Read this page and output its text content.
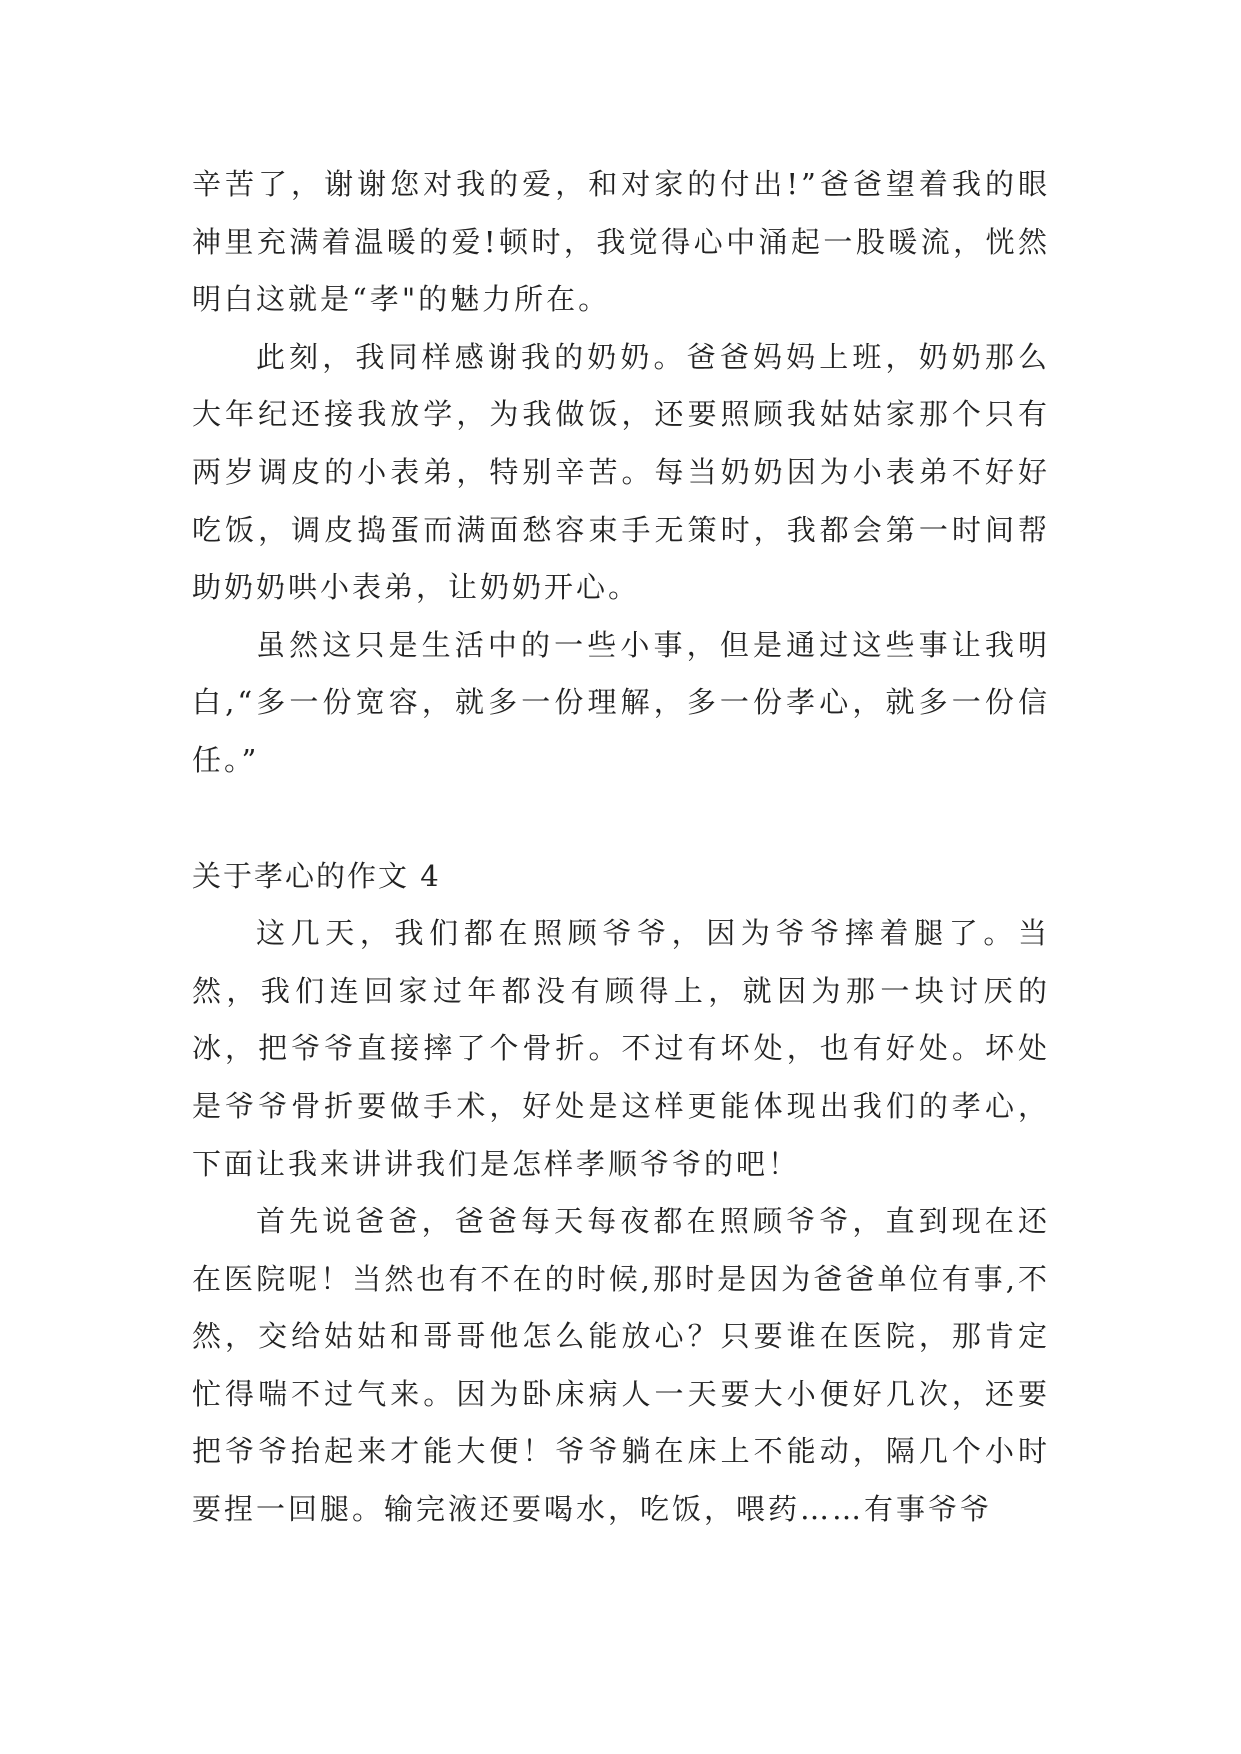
辛苦了，谢谢您对我的爱，和对家的付出!”爸爸望着我的眼神里充满着温暖的爱!顿时，我觉得心中涌起一股暖流，恍然明白这就是“孝"的魅力所在。

此刻，我同样感谢我的奶奶。爸爸妈妈上班，奶奶那么大年纪还接我放学，为我做饭，还要照顾我姑姑家那个只有两岁调皮的小表弟，特别辛苦。每当奶奶因为小表弟不好好吃饭，调皮捣蛋而满面愁容束手无策时，我都会第一时间帮助奶奶哄小表弟，让奶奶开心。

虽然这只是生活中的一些小事，但是通过这些事让我明白,“多一份宽容，就多一份理解，多一份孝心，就多一份信任。”

关于孝心的作文 4

这几天，我们都在照顾爷爷，因为爷爷摔着腿了。当然，我们连回家过年都没有顾得上，就因为那一块讨厌的冰，把爷爷直接摔了个骨折。不过有坏处，也有好处。坏处是爷爷骨折要做手术，好处是这样更能体现出我们的孝心，下面让我来讲讲我们是怎样孝顺爷爷的吧！

首先说爸爸，爸爸每天每夜都在照顾爷爷，直到现在还在医院呢！当然也有不在的时候,那时是因为爸爸单位有事,不然，交给姑姑和哥哥他怎么能放心？只要谁在医院，那肯定忙得喘不过气来。因为卧床病人一天要大小便好几次，还要把爷爷抬起来才能大便！爷爷躺在床上不能动，隔几个小时要捏一回腿。输完液还要喝水，吃饭，喂药……有事爷爷
